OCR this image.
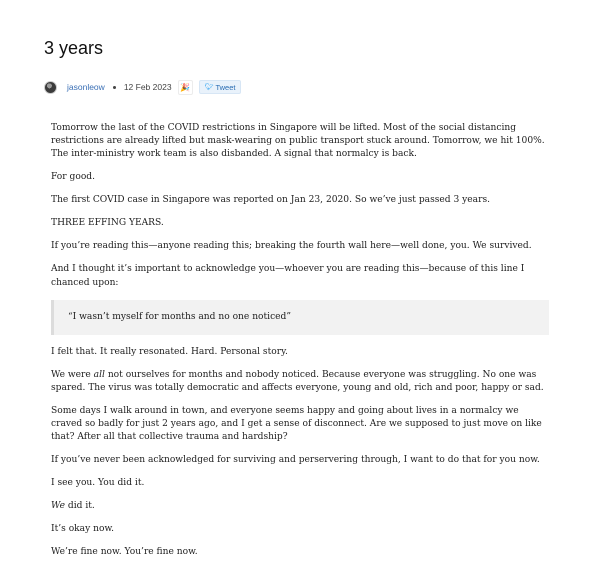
3 years
jasonleow 12 Feb 2023	🎉	🐦︎ Tweet

Tomorrow the last of the COVID restrictions in Singapore will be lifted. Most of the social distancing restrictions are already lifted but mask-wearing on public transport stuck around. Tomorrow, we hit 100%. The inter-ministry work team is also disbanded. A signal that normalcy is back.

For good.

The first COVID case in Singapore was reported on Jan 23, 2020. So we’ve just passed 3 years.

THREE EFFING YEARS.

If you’re reading this—anyone reading this; breaking the fourth wall here—well done, you. We survived.

And I thought it’s important to acknowledge you—whoever you are reading this—because of this line I chanced upon:

“I wasn’t myself for months and no one noticed”

I felt that. It really resonated. Hard. Personal story.

We were all not ourselves for months and nobody noticed. Because everyone was struggling. No one was spared. The virus was totally democratic and affects everyone, young and old, rich and poor, happy or sad.

Some days I walk around in town, and everyone seems happy and going about lives in a normalcy we craved so badly for just 2 years ago, and I get a sense of disconnect. Are we supposed to just move on like that? After all that collective trauma and hardship?

If you’ve never been acknowledged for surviving and perservering through, I want to do that for you now.

I see you. You did it.

We did it.

It’s okay now.

We’re fine now. You’re fine now.
